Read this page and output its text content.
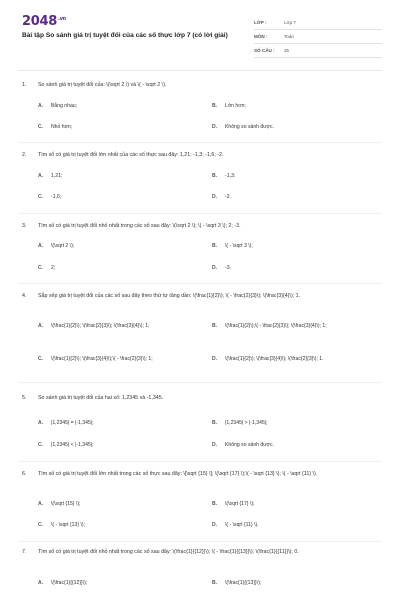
$2048^{.vn}$
Bài tập So sánh giá trị tuyệt đối của các số thực lớp 7 (có lời giải)
LỚP :	Lớp 7
MÔN :	Toán
SỐ CÂU :	25
1.	So sánh giá trị tuyệt đối của: \(\sqrt 2 \) và \( - \sqrt 2 \).
A.	Bằng nhau;	B.	Lớn hơn;
C.	Nhỏ hơn;	D.	Không so sánh được.
2.	Tìm số có giá trị tuyệt đối lớn nhất của các số thực sau đây: 1,21; -1,3; -1,6; -2.
A.	1,21;	B.	-1,3;
C.	-1,6;	D.	-2.
3.	Tìm số có giá trị tuyệt đối nhỏ nhất trong các số sau đây: \(\sqrt 2 \); \( - \sqrt 3 \); 2; -3.
A.	\(\sqrt 2 \);	B.	\( - \sqrt 3 \);
C.	2;	D.	-3.
4.	Sắp xếp giá trị tuyệt đối của các số sau đây theo thứ tự tăng dần: \(\frac{1}{2}\); \( - \frac{2}{3}\); \(\frac{3}{4}\); 1.
A.	\(\frac{1}{2}\); \(\frac{2}{3}\); \(\frac{3}{4}\); 1;	B.	\(\frac{1}{2}\);\( - \frac{2}{3}\); \(\frac{3}{4}\); 1;
C.	\(\frac{1}{2}\); \(\frac{3}{4}\);\( - \frac{2}{3}\); 1;	D.	\(\frac{1}{2}\); \(\frac{3}{4}\); \(\frac{2}{3}\); 1.
5.	So sánh giá trị tuyệt đối của hai số: 1,2345 và -1,345.
A.	|1,2345| = |-1,345|;	B.	|1,2345| > |-1,345|;
C.	|1,2345| < |-1,345|;	D.	Không so sánh được.
6.	Tìm số có giá trị tuyệt đối lớn nhất trong các số thực sau đây: \[\sqrt {15} \]; \(\sqrt {17} \);\( - \sqrt {13} \); \( - \sqrt {11} \).
A.	\(\sqrt {15} \);	B.	\(\sqrt {17} \);
C.	\( - \sqrt {13} \);	D.	\( - \sqrt {11} \).
7.	Tìm số có giá trị tuyệt đối nhỏ nhất trong các số sau đây: \(\frac{1}{{12}}\); \( - \frac{1}{{13}}\); \(\frac{1}{{11}}\); 0.
A.	\(\frac{1}{{12}}\);	B.	\(\frac{1}{{13}}\);
